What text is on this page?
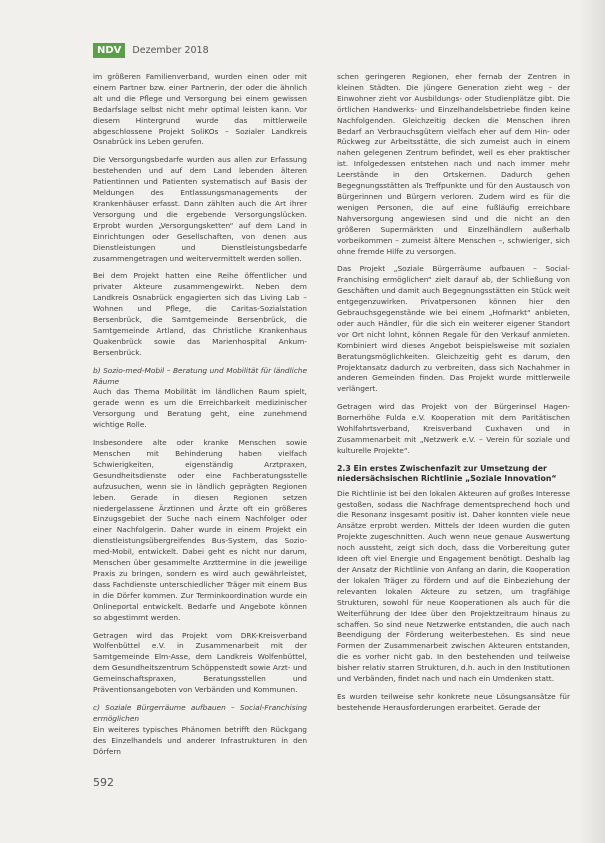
NDV	Dezember 2018

im größeren Familienverband, wurden einen oder mit einem Partner bzw. einer Partnerin, der oder die ähnlich alt und die Pflege und Versorgung bei einem gewissen Bedarfslage selbst nicht mehr optimal leisten kann. Vor diesem Hintergrund wurde das mittlerweile abgeschlossene Projekt SoliKOs – Sozialer Landkreis Osnabrück ins Leben gerufen.

Die Versorgungsbedarfe wurden aus allen zur Erfassung bestehenden und auf dem Land lebenden älteren Patientinnen und Patienten systematisch auf Basis der Meldungen des Entlassungsmanagements der Krankenhäuser erfasst. Dann zählten auch die Art ihrer Versorgung und die ergebende Versorgungslücken. Erprobt wurden „Versorgungsketten“ auf dem Land in Einrichtungen oder Gesellschaften, von denen aus Dienstleistungen und Dienstleistungsbedarfe zusammengetragen und weitervermittelt werden sollen.

Bei dem Projekt hatten eine Reihe öffentlicher und privater Akteure zusammengewirkt. Neben dem Landkreis Osnabrück engagierten sich das Living Lab – Wohnen und Pflege, die Caritas-Sozialstation Bersenbrück, die Samtgemeinde Bersenbrück, die Samtgemeinde Artland, das Christliche Krankenhaus Quakenbrück sowie das Marienhospital Ankum-Bersenbrück.

b) Sozio-med-Mobil – Beratung und Mobilität für ländliche Räume

Auch das Thema Mobilität im ländlichen Raum spielt, gerade wenn es um die Erreichbarkeit medizinischer Versorgung und Beratung geht, eine zunehmend wichtige Rolle.

Insbesondere alte oder kranke Menschen sowie Menschen mit Behinderung haben vielfach Schwierigkeiten, eigenständig Arztpraxen, Gesundheitsdienste oder eine Fachberatungsstelle aufzusuchen, wenn sie in ländlich geprägten Regionen leben. Gerade in diesen Regionen setzen niedergelassene Ärztinnen und Ärzte oft ein größeres Einzugsgebiet der Suche nach einem Nachfolger oder einer Nachfolgerin. Daher wurde in einem Projekt ein dienstleistungsübergreifendes Bus-System, das Sozio-med-Mobil, entwickelt. Dabei geht es nicht nur darum, Menschen über gesammelte Arzttermine in die jeweilige Praxis zu bringen, sondern es wird auch gewährleistet, dass Fachdienste unterschiedlicher Träger mit einem Bus in die Dörfer kommen. Zur Terminkoordination wurde ein Onlineportal entwickelt. Bedarfe und Angebote können so abgestimmt werden.

Getragen wird das Projekt vom DRK-Kreisverband Wolfenbüttel e.V. in Zusammenarbeit mit der Samtgemeinde Elm-Asse, dem Landkreis Wolfenbüttel, dem Gesundheitszentrum Schöppenstedt sowie Arzt- und Gemeinschaftspraxen, Beratungsstellen und Präventionsangeboten von Verbänden und Kommunen.

c) Soziale Bürgerräume aufbauen – Social-Franchising ermöglichen

Ein weiteres typisches Phänomen betrifft den Rückgang des Einzelhandels und anderer Infrastrukturen in den Dörfern

schen geringeren Regionen, eher fernab der Zentren in kleinen Städten. Die jüngere Generation zieht weg – der Einwohner zieht vor Ausbildungs- oder Studienplätze gibt. Die örtlichen Handwerks- und Einzelhandelsbetriebe finden keine Nachfolgenden. Gleichzeitig decken die Menschen ihren Bedarf an Verbrauchsgütern vielfach eher auf dem Hin- oder Rückweg zur Arbeitsstätte, die sich zumeist auch in einem nahen gelegenen Zentrum befindet, weil es eher praktischer ist. Infolgedessen entstehen nach und nach immer mehr Leerstände in den Ortskernen. Dadurch gehen Begegnungsstätten als Treffpunkte und für den Austausch von Bürgerinnen und Bürgern verloren. Zudem wird es für die wenigen Personen, die auf eine fußläufig erreichbare Nahversorgung angewiesen sind und die nicht an den größeren Supermärkten und Einzelhändlern außerhalb vorbeikommen – zumeist ältere Menschen –, schwieriger, sich ohne fremde Hilfe zu versorgen.

Das Projekt „Soziale Bürgerräume aufbauen – Social-Franchising ermöglichen“ zielt darauf ab, der Schließung von Geschäften und damit auch Begegnungsstätten ein Stück weit entgegenzuwirken. Privatpersonen können hier den Gebrauchsgegenstände wie bei einem „Hofmarkt“ anbieten, oder auch Händler, für die sich ein weiterer eigener Standort vor Ort nicht lohnt, können Regale für den Verkauf anmieten. Kombiniert wird dieses Angebot beispielsweise mit sozialen Beratungsmöglichkeiten. Gleichzeitig geht es darum, den Projektansatz dadurch zu verbreiten, dass sich Nachahmer in anderen Gemeinden finden. Das Projekt wurde mittlerweile verlängert.

Getragen wird das Projekt von der Bürgerinsel Hagen-Bornerhöhe Fulda e.V. Kooperation mit dem Paritätischen Wohlfahrtsverband, Kreisverband Cuxhaven und in Zusammenarbeit mit „Netzwerk e.V. – Verein für soziale und kulturelle Projekte“.

2.3 Ein erstes Zwischenfazit zur Umsetzung der niedersächsischen Richtlinie „Soziale Innovation“

Die Richtlinie ist bei den lokalen Akteuren auf großes Interesse gestoßen, sodass die Nachfrage dementsprechend hoch und die Resonanz insgesamt positiv ist. Daher konnten viele neue Ansätze erprobt werden. Mittels der Ideen wurden die guten Projekte zugeschnitten. Auch wenn neue genaue Auswertung noch aussteht, zeigt sich doch, dass die Vorbereitung guter Ideen oft viel Energie und Engagement benötigt. Deshalb lag der Ansatz der Richtlinie von Anfang an darin, die Kooperation der lokalen Träger zu fördern und auf die Einbeziehung der relevanten lokalen Akteure zu setzen, um tragfähige Strukturen, sowohl für neue Kooperationen als auch für die Weiterführung der Idee über den Projektzeitraum hinaus zu schaffen. So sind neue Netzwerke entstanden, die auch nach Beendigung der Förderung weiterbestehen. Es sind neue Formen der Zusammenarbeit zwischen Akteuren entstanden, die es vorher nicht gab. In den bestehenden und teilweise bisher relativ starren Strukturen, d.h. auch in den Institutionen und Verbänden, findet nach und nach ein Umdenken statt.

Es wurden teilweise sehr konkrete neue Lösungsansätze für bestehende Herausforderungen erarbeitet. Gerade der

592
